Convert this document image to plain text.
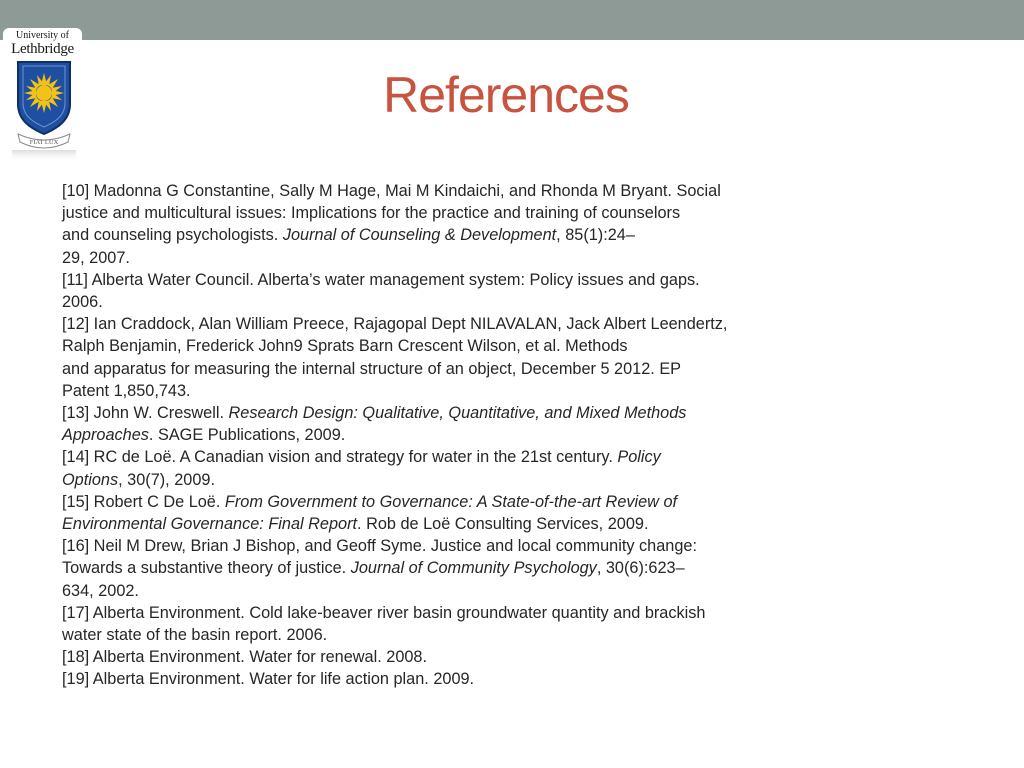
University of
Lethbridge
FIAT LUX
References
[10] Madonna G Constantine, Sally M Hage, Mai M Kindaichi, and Rhonda M Bryant. Social
justice and multicultural issues: Implications for the practice and training of counselors
and counseling psychologists. Journal of Counseling & Development, 85(1):24–
29, 2007.
[11] Alberta Water Council. Alberta’s water management system: Policy issues and gaps.
2006.
[12] Ian Craddock, Alan William Preece, Rajagopal Dept NILAVALAN, Jack Albert Leendertz,
Ralph Benjamin, Frederick John9 Sprats Barn Crescent Wilson, et al. Methods
and apparatus for measuring the internal structure of an object, December 5 2012. EP
Patent 1,850,743.
[13] John W. Creswell. Research Design: Qualitative, Quantitative, and Mixed Methods
Approaches. SAGE Publications, 2009.
[14] RC de Loë. A Canadian vision and strategy for water in the 21st century. Policy
Options, 30(7), 2009.
[15] Robert C De Loë. From Government to Governance: A State-of-the-art Review of
Environmental Governance: Final Report. Rob de Loë Consulting Services, 2009.
[16] Neil M Drew, Brian J Bishop, and Geoff Syme. Justice and local community change:
Towards a substantive theory of justice. Journal of Community Psychology, 30(6):623–
634, 2002.
[17] Alberta Environment. Cold lake-beaver river basin groundwater quantity and brackish
water state of the basin report. 2006.
[18] Alberta Environment. Water for renewal. 2008.
[19] Alberta Environment. Water for life action plan. 2009.
